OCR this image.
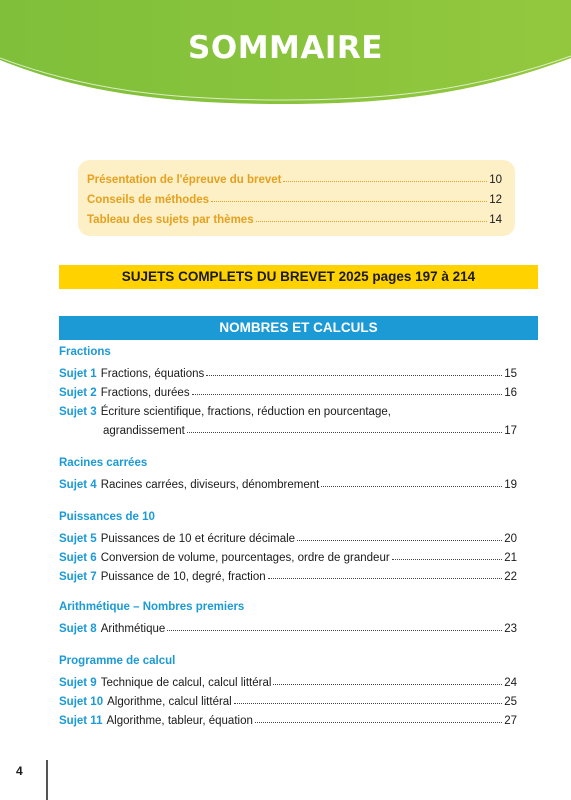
SOMMAIRE
Présentation de l'épreuve du brevet	10
Conseils de méthodes	12
Tableau des sujets par thèmes	14
SUJETS COMPLETS DU BREVET 2025 pages 197 à 214
NOMBRES ET CALCULS
Fractions
Sujet 1 Fractions, équations	15
Sujet 2 Fractions, durées	16
Sujet 3 Écriture scientifique, fractions, réduction en pourcentage,
agrandissement	17
Racines carrées
Sujet 4 Racines carrées, diviseurs, dénombrement	19
Puissances de 10
Sujet 5 Puissances de 10 et écriture décimale	20
Sujet 6 Conversion de volume, pourcentages, ordre de grandeur	21
Sujet 7 Puissance de 10, degré, fraction	22
Arithmétique – Nombres premiers
Sujet 8 Arithmétique	23
Programme de calcul
Sujet 9 Technique de calcul, calcul littéral	24
Sujet 10 Algorithme, calcul littéral	25
Sujet 11 Algorithme, tableur, équation	27
4
